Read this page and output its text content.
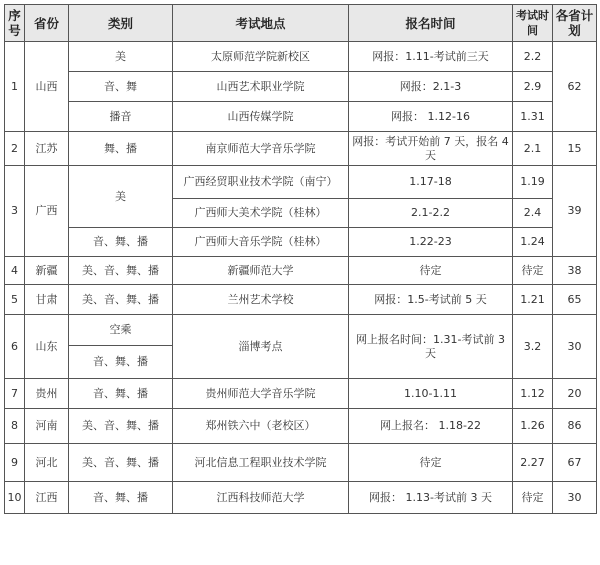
序号	省份	类别	考试地点	报名时间	考试时间	各省计划
1	山西	美	太原师范学院新校区	网报：1.11-考试前三天	2.2	62
		音、舞	山西艺术职业学院	网报：2.1-3	2.9	
		播音	山西传媒学院	网报： 1.12-16	1.31	
2	江苏	舞、播	南京师范大学音乐学院	网报：考试开始前 7 天，报名 4 天	2.1	15
3	广西	美	广西经贸职业技术学院（南宁）	1.17-18	1.19	39
			广西师大美术学院（桂林）	2.1-2.2	2.4	
		音、舞、播	广西师大音乐学院（桂林）	1.22-23	1.24	
4	新疆	美、音、舞、播	新疆师范大学	待定	待定	38
5	甘肃	美、音、舞、播	兰州艺术学校	网报：1.5-考试前 5 天	1.21	65
6	山东	空乘	淄博考点	网上报名时间：1.31-考试前 3 天	3.2	30
		音、舞、播				
7	贵州	音、舞、播	贵州师范大学音乐学院	1.10-1.11	1.12	20
8	河南	美、音、舞、播	郑州铁六中（老校区）	网上报名： 1.18-22	1.26	86
9	河北	美、音、舞、播	河北信息工程职业技术学院	待定	2.27	67
10	江西	音、舞、播	江西科技师范大学	网报： 1.13-考试前 3 天	待定	30
